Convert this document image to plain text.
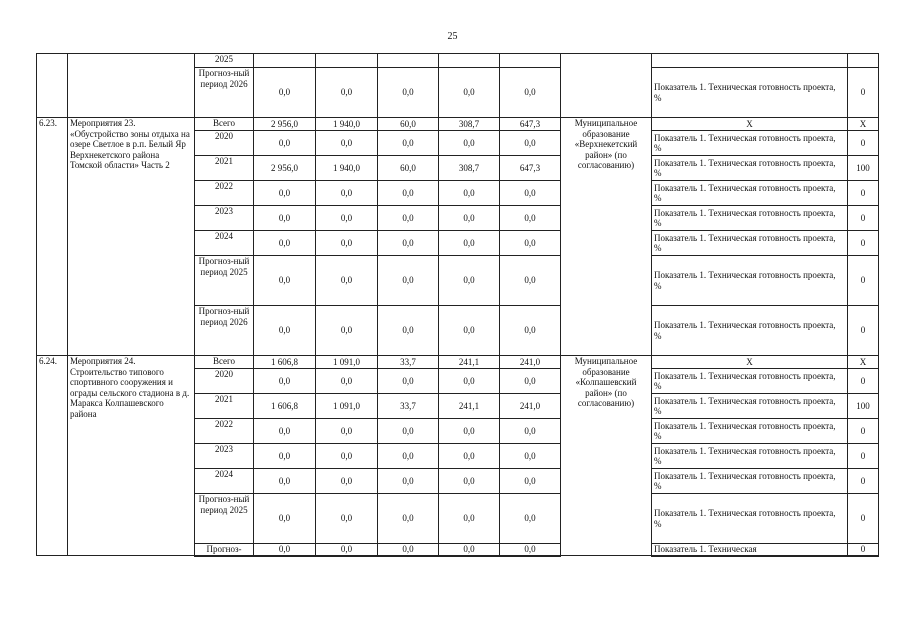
25
		2025								
		Прогноз-ный период 2026	0,0	0,0	0,0	0,0	0,0		Показатель 1. Техническая готовность проекта, %	0
6.23.	Мероприятия 23. «Обустройство зоны отдыха на озере Светлое в р.п. Белый Яр Верхнекетского района Томской области» Часть 2	Всего	2 956,0	1 940,0	60,0	308,7	647,3	Муниципальное образование «Верхнекетский район» (по согласованию)	Х	Х
		2020	0,0	0,0	0,0	0,0	0,0		Показатель 1. Техническая готовность проекта, %	0
		2021	2 956,0	1 940,0	60,0	308,7	647,3		Показатель 1. Техническая готовность проекта, %	100
		2022	0,0	0,0	0,0	0,0	0,0		Показатель 1. Техническая готовность проекта, %	0
		2023	0,0	0,0	0,0	0,0	0,0		Показатель 1. Техническая готовность проекта, %	0
		2024	0,0	0,0	0,0	0,0	0,0		Показатель 1. Техническая готовность проекта, %	0
		Прогноз-ный период 2025	0,0	0,0	0,0	0,0	0,0		Показатель 1. Техническая готовность проекта, %	0
		Прогноз-ный период 2026	0,0	0,0	0,0	0,0	0,0		Показатель 1. Техническая готовность проекта, %	0
6.24.	Мероприятия 24. Строительство типового спортивного сооружения и ограды сельского стадиона в д. Маракса Колпашевского района	Всего	1 606,8	1 091,0	33,7	241,1	241,0	Муниципальное образование «Колпашевский район» (по согласованию)	Х	Х
		2020	0,0	0,0	0,0	0,0	0,0		Показатель 1. Техническая готовность проекта, %	0
		2021	1 606,8	1 091,0	33,7	241,1	241,0		Показатель 1. Техническая готовность проекта, %	100
		2022	0,0	0,0	0,0	0,0	0,0		Показатель 1. Техническая готовность проекта, %	0
		2023	0,0	0,0	0,0	0,0	0,0		Показатель 1. Техническая готовность проекта, %	0
		2024	0,0	0,0	0,0	0,0	0,0		Показатель 1. Техническая готовность проекта, %	0
		Прогноз-ный период 2025	0,0	0,0	0,0	0,0	0,0		Показатель 1. Техническая готовность проекта, %	0
		Прогноз-	0,0	0,0	0,0	0,0	0,0		Показатель 1. Техническая	0
